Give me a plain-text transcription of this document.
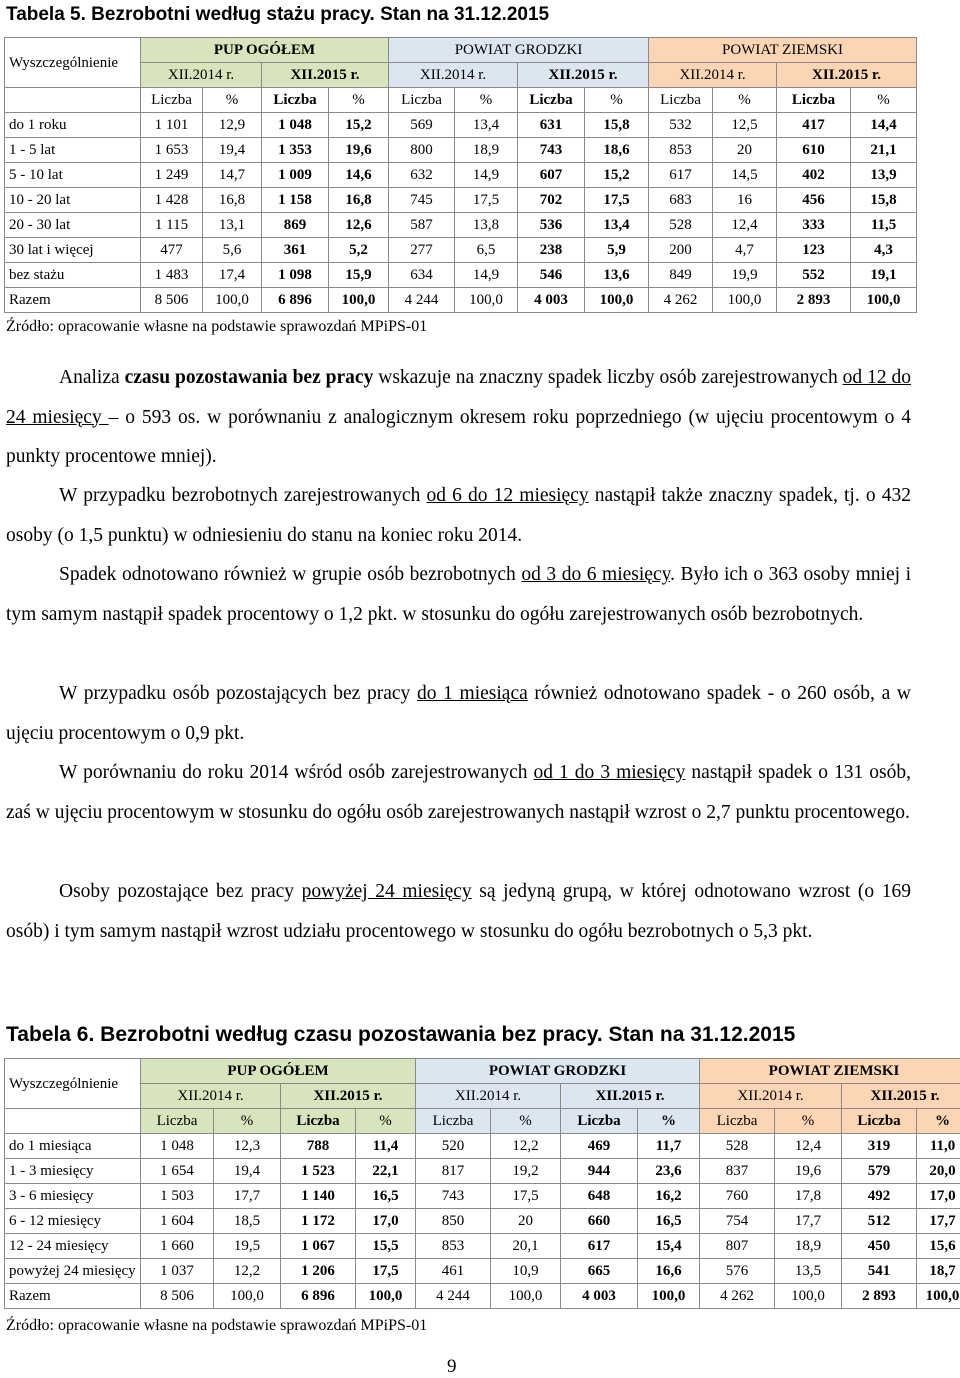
Tabela 5. Bezrobotni według stażu pracy. Stan na 31.12.2015
Wyszczególnienie	PUP OGÓŁEM				POWIAT GRODZKI				POWIAT ZIEMSKI			
	XII.2014 r.		XII.2015 r.		XII.2014 r.		XII.2015 r.		XII.2014 r.		XII.2015 r.	
	Liczba	%	Liczba	%	Liczba	%	Liczba	%	Liczba	%	Liczba	%
do 1 roku	1 101	12,9	1 048	15,2	569	13,4	631	15,8	532	12,5	417	14,4
1 - 5 lat	1 653	19,4	1 353	19,6	800	18,9	743	18,6	853	20	610	21,1
5 - 10 lat	1 249	14,7	1 009	14,6	632	14,9	607	15,2	617	14,5	402	13,9
10 - 20 lat	1 428	16,8	1 158	16,8	745	17,5	702	17,5	683	16	456	15,8
20 - 30 lat	1 115	13,1	869	12,6	587	13,8	536	13,4	528	12,4	333	11,5
30 lat i więcej	477	5,6	361	5,2	277	6,5	238	5,9	200	4,7	123	4,3
bez stażu	1 483	17,4	1 098	15,9	634	14,9	546	13,6	849	19,9	552	19,1
Razem	8 506	100,0	6 896	100,0	4 244	100,0	4 003	100,0	4 262	100,0	2 893	100,0
Źródło: opracowanie własne na podstawie sprawozdań MPiPS-01

Analiza czasu pozostawania bez pracy wskazuje na znaczny spadek liczby osób zarejestrowanych od 12 do 24 miesięcy – o 593 os. w porównaniu z analogicznym okresem roku poprzedniego (w ujęciu procentowym o 4 punkty procentowe mniej).

W przypadku bezrobotnych zarejestrowanych od 6 do 12 miesięcy nastąpił także znaczny spadek, tj. o 432 osoby (o 1,5 punktu) w odniesieniu do stanu na koniec roku 2014.

Spadek odnotowano również w grupie osób bezrobotnych od 3 do 6 miesięcy. Było ich o 363 osoby mniej i tym samym nastąpił spadek procentowy o 1,2 pkt. w stosunku do ogółu zarejestrowanych osób bezrobotnych.

W przypadku osób pozostających bez pracy do 1 miesiąca również odnotowano spadek - o 260 osób, a w ujęciu procentowym o 0,9 pkt.

W porównaniu do roku 2014 wśród osób zarejestrowanych od 1 do 3 miesięcy nastąpił spadek o 131 osób, zaś w ujęciu procentowym w stosunku do ogółu osób zarejestrowanych nastąpił wzrost o 2,7 punktu procentowego.

Osoby pozostające bez pracy powyżej 24 miesięcy są jedyną grupą, w której odnotowano wzrost (o 169 osób) i tym samym nastąpił wzrost udziału procentowego w stosunku do ogółu bezrobotnych o 5,3 pkt.

Tabela 6. Bezrobotni według czasu pozostawania bez pracy. Stan na 31.12.2015
Wyszczególnienie	PUP OGÓŁEM				POWIAT GRODZKI				POWIAT ZIEMSKI			
	XII.2014 r.		XII.2015 r.		XII.2014 r.		XII.2015 r.		XII.2014 r.		XII.2015 r.	
	Liczba	%	Liczba	%	Liczba	%	Liczba	%	Liczba	%	Liczba	%
do 1 miesiąca	1 048	12,3	788	11,4	520	12,2	469	11,7	528	12,4	319	11,0
1 - 3 miesięcy	1 654	19,4	1 523	22,1	817	19,2	944	23,6	837	19,6	579	20,0
3 - 6 miesięcy	1 503	17,7	1 140	16,5	743	17,5	648	16,2	760	17,8	492	17,0
6 - 12 miesięcy	1 604	18,5	1 172	17,0	850	20	660	16,5	754	17,7	512	17,7
12 - 24 miesięcy	1 660	19,5	1 067	15,5	853	20,1	617	15,4	807	18,9	450	15,6
powyżej 24 miesięcy	1 037	12,2	1 206	17,5	461	10,9	665	16,6	576	13,5	541	18,7
Razem	8 506	100,0	6 896	100,0	4 244	100,0	4 003	100,0	4 262	100,0	2 893	100,0
Źródło: opracowanie własne na podstawie sprawozdań MPiPS-01
9
